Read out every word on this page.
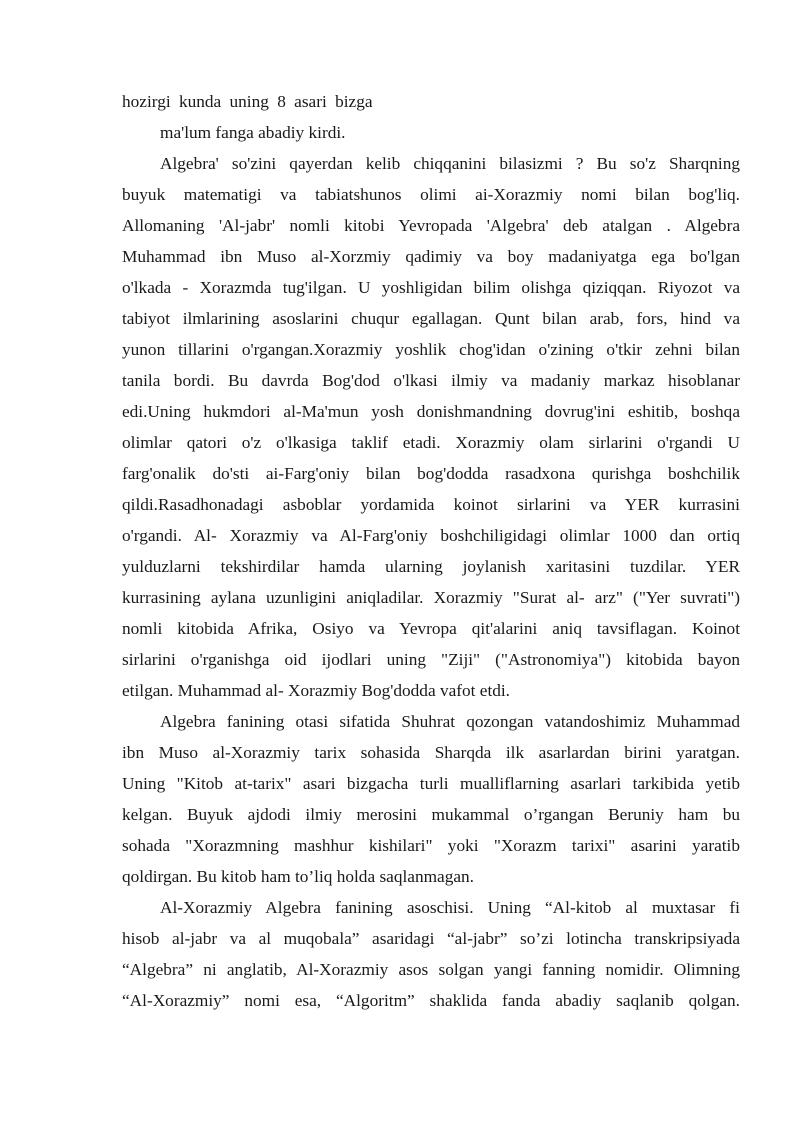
hozirgi kunda uning 8 asari bizga
ma'lum fanga abadiy kirdi.
Algebra' so'zini qayerdan kelib chiqqanini bilasizmi ? Bu so'z Sharqning
buyuk matematigi va tabiatshunos olimi ai-Xorazmiy nomi bilan bog'liq.
Allomaning 'Al-jabr' nomli kitobi Yevropada 'Algebra' deb atalgan . Algebra
Muhammad ibn Muso al-Xorzmiy qadimiy va boy madaniyatga ega bo'lgan
o'lkada - Xorazmda tug'ilgan. U yoshligidan bilim olishga qiziqqan. Riyozot va
tabiyot ilmlarining asoslarini chuqur egallagan. Qunt bilan arab, fors, hind va
yunon tillarini o'rgangan.Xorazmiy yoshlik chog'idan o'zining o'tkir zehni bilan
tanila bordi. Bu davrda Bog'dod o'lkasi ilmiy va madaniy markaz hisoblanar
edi.Uning hukmdori al-Ma'mun yosh donishmandning dovrug'ini eshitib, boshqa
olimlar qatori o'z o'lkasiga taklif etadi. Xorazmiy olam sirlarini o'rgandi U
farg'onalik do'sti ai-Farg'oniy bilan bog'dodda rasadxona qurishga boshchilik
qildi.Rasadhonadagi asboblar yordamida koinot sirlarini va YER kurrasini
o'rgandi. Al- Xorazmiy va Al-Farg'oniy boshchiligidagi olimlar 1000 dan ortiq
yulduzlarni tekshirdilar hamda ularning joylanish xaritasini tuzdilar. YER
kurrasining aylana uzunligini aniqladilar. Xorazmiy "Surat al- arz" ("Yer suvrati")
nomli kitobida Afrika, Osiyo va Yevropa qit'alarini aniq tavsiflagan. Koinot
sirlarini o'rganishga oid ijodlari uning "Ziji" ("Astronomiya") kitobida bayon
etilgan. Muhammad al- Xorazmiy Bog'dodda vafot etdi.
Algebra fanining otasi sifatida Shuhrat qozongan vatandoshimiz Muhammad
ibn Muso al-Xorazmiy tarix sohasida Sharqda ilk asarlardan birini yaratgan.
Uning "Kitob at-tarix" asari bizgacha turli mualliflarning asarlari tarkibida yetib
kelgan. Buyuk ajdodi ilmiy merosini mukammal o’rgangan Beruniy ham bu
sohada "Xorazmning mashhur kishilari" yoki "Xorazm tarixi" asarini yaratib
qoldirgan. Bu kitob ham to’liq holda saqlanmagan.
Al-Xorazmiy Algebra fanining asoschisi. Uning “Al-kitob al muxtasar fi
hisob al-jabr va al muqobala” asaridagi “al-jabr” so’zi lotincha transkripsiyada
“Algebra” ni anglatib, Al-Xorazmiy asos solgan yangi fanning nomidir. Olimning
“Al-Xorazmiy” nomi esa, “Algoritm” shaklida fanda abadiy saqlanib qolgan.
